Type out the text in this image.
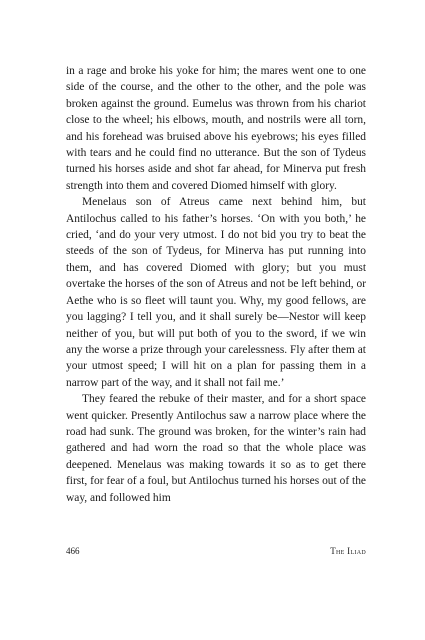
in a rage and broke his yoke for him; the mares went one to one side of the course, and the other to the other, and the pole was broken against the ground. Eumelus was thrown from his chariot close to the wheel; his elbows, mouth, and nostrils were all torn, and his forehead was bruised above his eyebrows; his eyes filled with tears and he could find no utterance. But the son of Tydeus turned his horses aside and shot far ahead, for Minerva put fresh strength into them and covered Diomed himself with glory.

Menelaus son of Atreus came next behind him, but Antilochus called to his father’s horses. ‘On with you both,’ he cried, ‘and do your very utmost. I do not bid you try to beat the steeds of the son of Tydeus, for Minerva has put running into them, and has covered Diomed with glory; but you must overtake the horses of the son of Atreus and not be left behind, or Aethe who is so fleet will taunt you. Why, my good fellows, are you lagging? I tell you, and it shall surely be—Nestor will keep neither of you, but will put both of you to the sword, if we win any the worse a prize through your carelessness. Fly after them at your utmost speed; I will hit on a plan for passing them in a narrow part of the way, and it shall not fail me.’

They feared the rebuke of their master, and for a short space went quicker. Presently Antilochus saw a narrow place where the road had sunk. The ground was broken, for the winter’s rain had gathered and had worn the road so that the whole place was deepened. Menelaus was making towards it so as to get there first, for fear of a foul, but Antilochus turned his horses out of the way, and followed him

466	The Iliad
